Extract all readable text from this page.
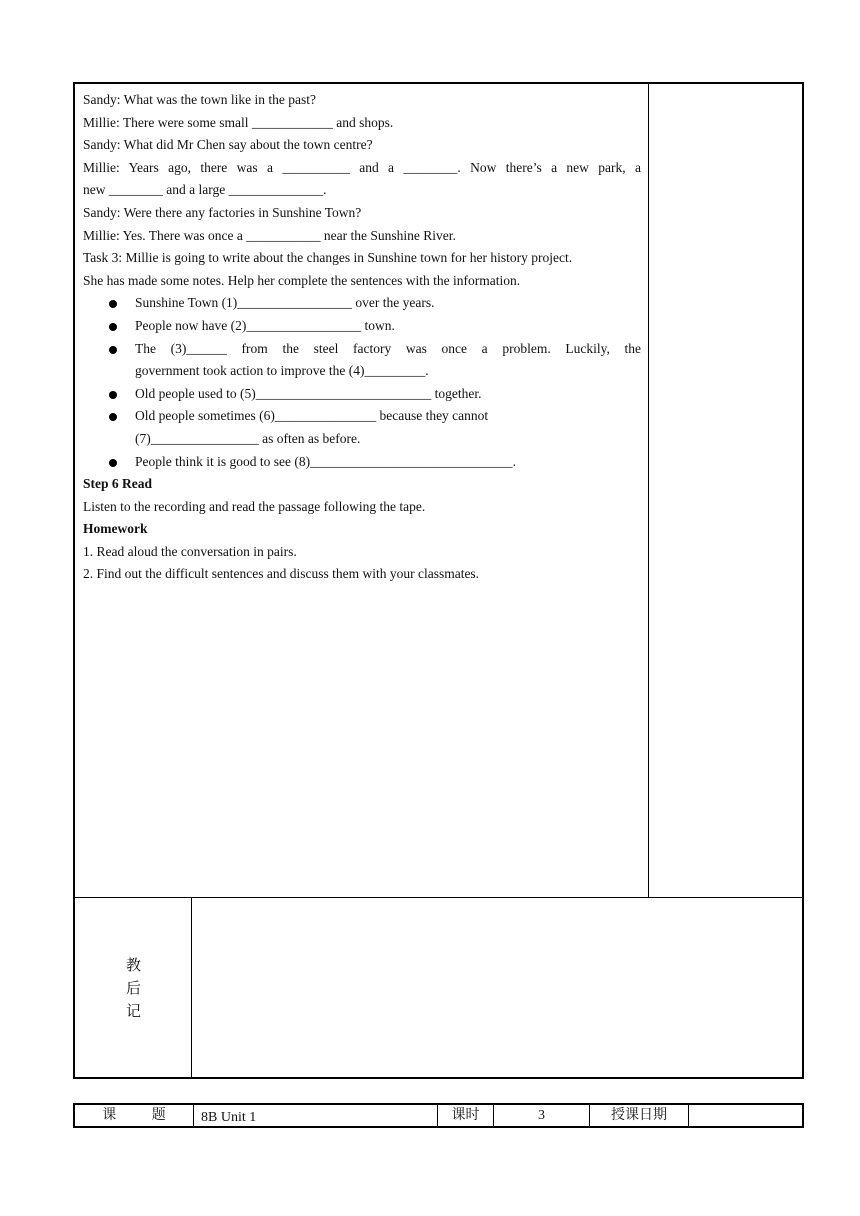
Sandy: What was the town like in the past?
Millie: There were some small ____________ and shops.
Sandy: What did Mr Chen say about the town centre?
Millie: Years ago, there was a __________ and a ________. Now there’s a new park, a
new ________ and a large ______________.
Sandy: Were there any factories in Sunshine Town?
Millie: Yes. There was once a ___________ near the Sunshine River.
Task 3: Millie is going to write about the changes in Sunshine town for her history project.
She has made some notes. Help her complete the sentences with the information.
Sunshine Town (1)_________________ over the years.
People now have (2)_________________ town.
The (3)______ from the steel factory was once a problem. Luckily, the
government took action to improve the (4)_________.
Old people used to (5)__________________________ together.
Old people sometimes (6)_______________ because they cannot
(7)________________ as often as before.
People think it is good to see (8)______________________________.
Step 6 Read
Listen to the recording and read the passage following the tape.
Homework
1. Read aloud the conversation in pairs.
2. Find out the difficult sentences and discuss them with your classmates.
教
后
记
课        题	8B Unit 1	课时	3	授课日期
